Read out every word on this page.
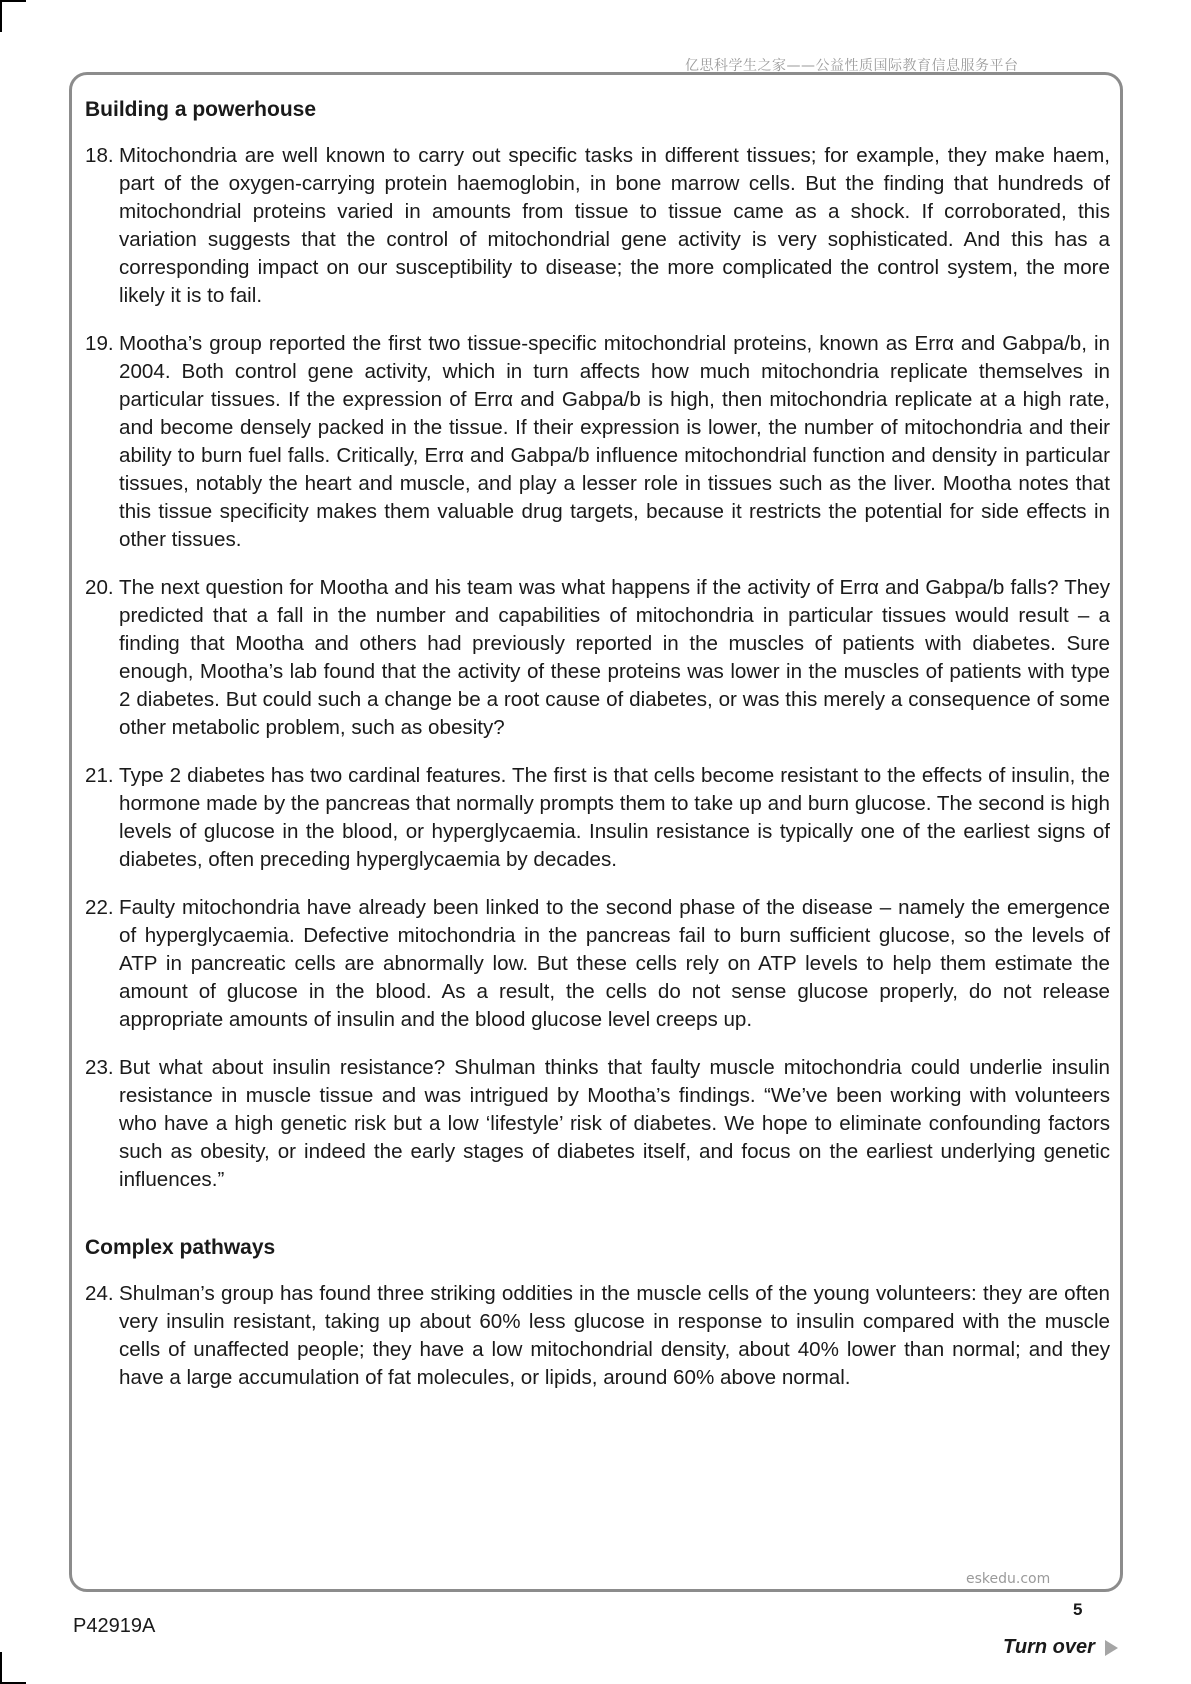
亿思科学生之家——公益性质国际教育信息服务平台
Building a powerhouse
18. Mitochondria are well known to carry out specific tasks in different tissues; for example, they make haem, part of the oxygen-carrying protein haemoglobin, in bone marrow cells. But the finding that hundreds of mitochondrial proteins varied in amounts from tissue to tissue came as a shock. If corroborated, this variation suggests that the control of mitochondrial gene activity is very sophisticated. And this has a corresponding impact on our susceptibility to disease; the more complicated the control system, the more likely it is to fail.
19. Mootha’s group reported the first two tissue-specific mitochondrial proteins, known as Errα and Gabpa/b, in 2004. Both control gene activity, which in turn affects how much mitochondria replicate themselves in particular tissues. If the expression of Errα and Gabpa/b is high, then mitochondria replicate at a high rate, and become densely packed in the tissue. If their expression is lower, the number of mitochondria and their ability to burn fuel falls. Critically, Errα and Gabpa/b influence mitochondrial function and density in particular tissues, notably the heart and muscle, and play a lesser role in tissues such as the liver. Mootha notes that this tissue specificity makes them valuable drug targets, because it restricts the potential for side effects in other tissues.
20. The next question for Mootha and his team was what happens if the activity of Errα and Gabpa/b falls? They predicted that a fall in the number and capabilities of mitochondria in particular tissues would result – a finding that Mootha and others had previously reported in the muscles of patients with diabetes. Sure enough, Mootha’s lab found that the activity of these proteins was lower in the muscles of patients with type 2 diabetes. But could such a change be a root cause of diabetes, or was this merely a consequence of some other metabolic problem, such as obesity?
21. Type 2 diabetes has two cardinal features. The first is that cells become resistant to the effects of insulin, the hormone made by the pancreas that normally prompts them to take up and burn glucose. The second is high levels of glucose in the blood, or hyperglycaemia. Insulin resistance is typically one of the earliest signs of diabetes, often preceding hyperglycaemia by decades.
22. Faulty mitochondria have already been linked to the second phase of the disease – namely the emergence of hyperglycaemia. Defective mitochondria in the pancreas fail to burn sufficient glucose, so the levels of ATP in pancreatic cells are abnormally low. But these cells rely on ATP levels to help them estimate the amount of glucose in the blood. As a result, the cells do not sense glucose properly, do not release appropriate amounts of insulin and the blood glucose level creeps up.
23. But what about insulin resistance? Shulman thinks that faulty muscle mitochondria could underlie insulin resistance in muscle tissue and was intrigued by Mootha’s findings. “We’ve been working with volunteers who have a high genetic risk but a low ‘lifestyle’ risk of diabetes. We hope to eliminate confounding factors such as obesity, or indeed the early stages of diabetes itself, and focus on the earliest underlying genetic influences.”
Complex pathways
24. Shulman’s group has found three striking oddities in the muscle cells of the young volunteers: they are often very insulin resistant, taking up about 60% less glucose in response to insulin compared with the muscle cells of unaffected people; they have a low mitochondrial density, about 40% lower than normal; and they have a large accumulation of fat molecules, or lipids, around 60% above normal.
eskedu.com
5
P42919A
Turn over
